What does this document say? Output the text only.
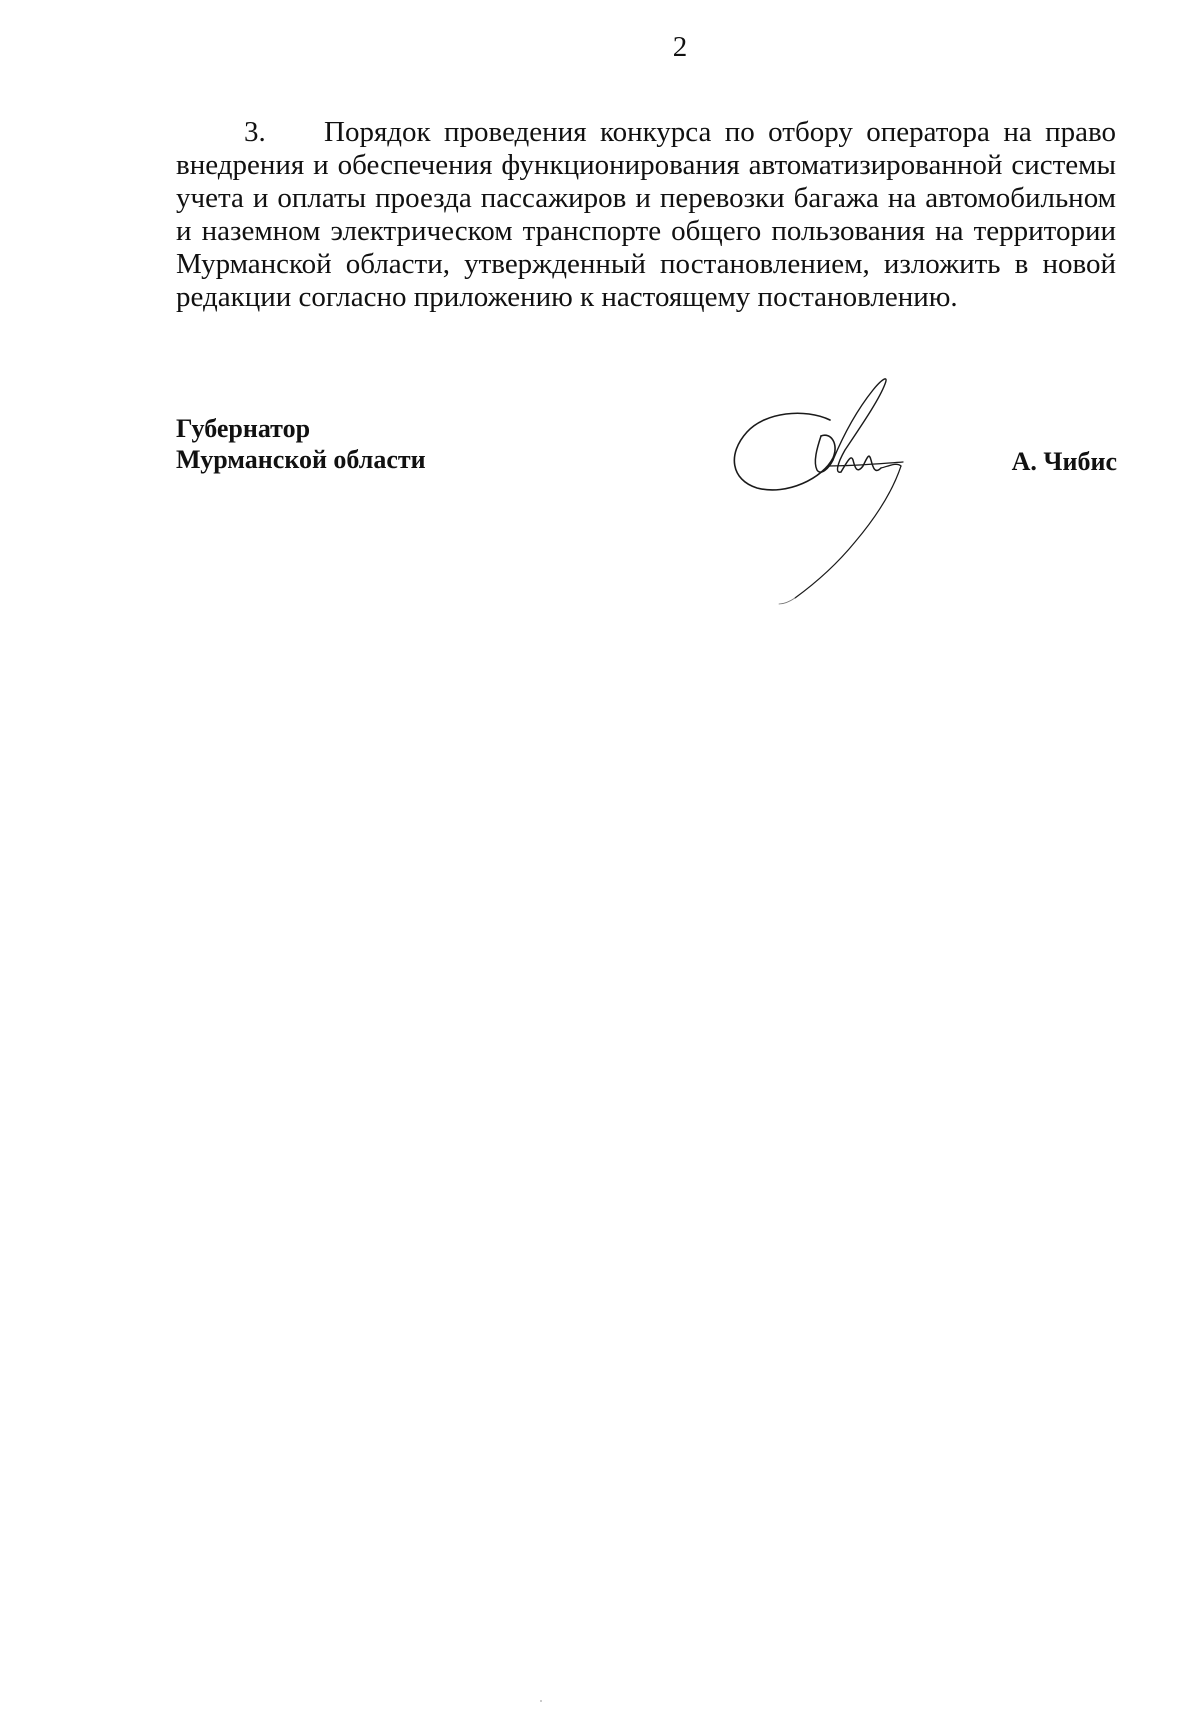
2
3. Порядок проведения конкурса по отбору оператора на право внедрения и обеспечения функционирования автоматизированной системы учета и оплаты проезда пассажиров и перевозки багажа на автомобильном и наземном электрическом транспорте общего пользования на территории Мурманской области, утвержденный постановлением, изложить в новой редакции согласно приложению к настоящему постановлению.
Губернатор
Мурманской области	А. Чибис
